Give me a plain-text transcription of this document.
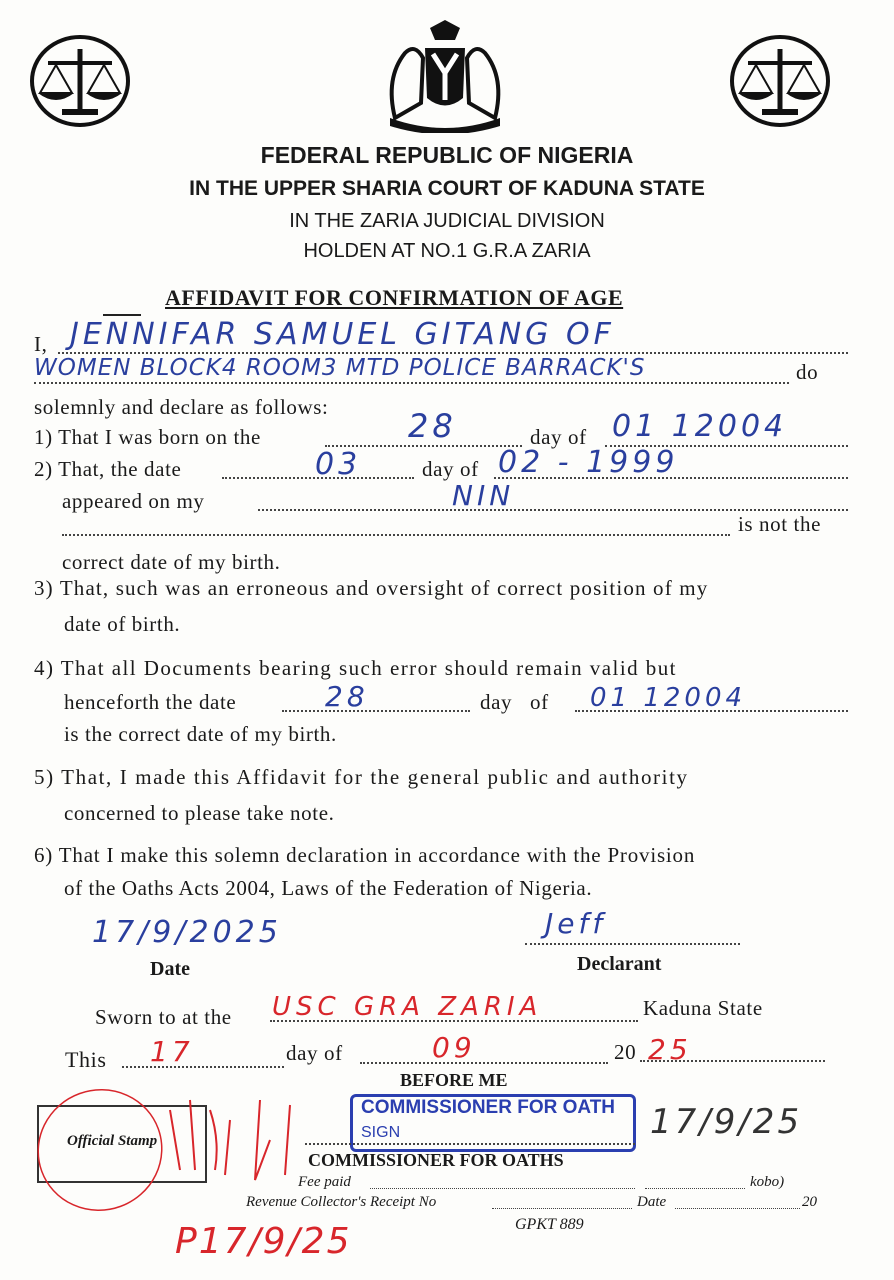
FEDERAL REPUBLIC OF NIGERIA
IN THE UPPER SHARIA COURT OF KADUNA STATE
IN THE ZARIA JUDICIAL DIVISION
HOLDEN AT NO.1 G.R.A ZARIA
AFFIDAVIT FOR CONFIRMATION OF AGE
I, JENNIFAR SAMUEL GITANG OF
WOMEN BLOCK4 ROOM3 MTD POLICE BARRACK'S	do
solemnly and declare as follows:
1) That I was born on the	28	day of 01 12004
2) That, the date	03	day of 02 - 1999
appeared on my	NIN
is not the
correct date of my birth.
3) That, such was an erroneous and oversight of correct position of my
date of birth.
4) That all Documents bearing such error should remain valid but
henceforth the date	28	day of 01 12004
is the correct date of my birth.
5) That, I made this Affidavit for the general public and authority
concerned to please take note.
6) That I make this solemn declaration in accordance with the Provision
of the Oaths Acts 2004, Laws of the Federation of Nigeria.
17/9/2025
Date
Jeff
Declarant
Sworn to at the USC GRA ZARIA	Kaduna State
This 17	day of	09	20 25
BEFORE ME
Official Stamp
COMMISSIONER FOR OATH
SIGN
COMMISSIONER FOR OATHS
17/9/25
Fee paid	kobo)
Revenue Collector's Receipt No	Date	20
GPKT 889
P17/9/25
